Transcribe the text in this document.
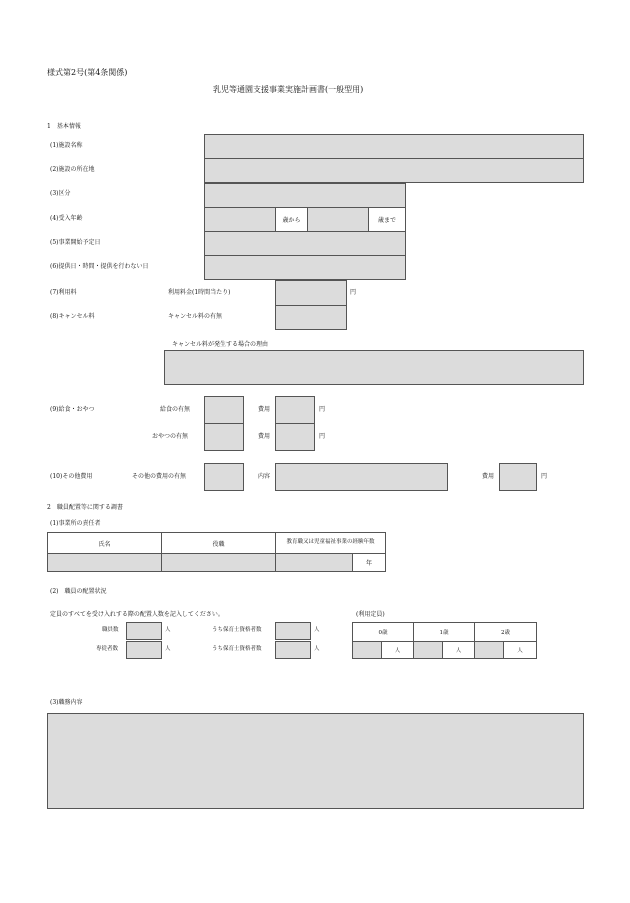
様式第2号(第4条関係)
乳児等通園支援事業実施計画書(一般型用)
1　基本情報
(1)施設名称
(2)施設の所在地
(3)区分
(4)受入年齢	歳から	歳まで
(5)事業開始予定日
(6)提供日・時間・提供を行わない日
(7)利用料	利用料金(1時間当たり)	円
(8)キャンセル料	キャンセル料の有無
キャンセル料が発生する場合の理由
(9)給食・おやつ	給食の有無	費用	円
おやつの有無	費用	円
(10)その他費用	その他の費用の有無	内容	費用	円
2　職員配置等に関する調書
(1)事業所の責任者
氏名	役職	教育職又は児童福祉事業の経験年数
年
(2)　職員の配置状況
定員のすべてを受け入れする際の配置人数を記入してください。
職員数	人	うち保育士資格者数	人
専従者数	人	うち保育士資格者数	人
(利用定員)
0歳	1歳	2歳
人	人	人
(3)職務内容
